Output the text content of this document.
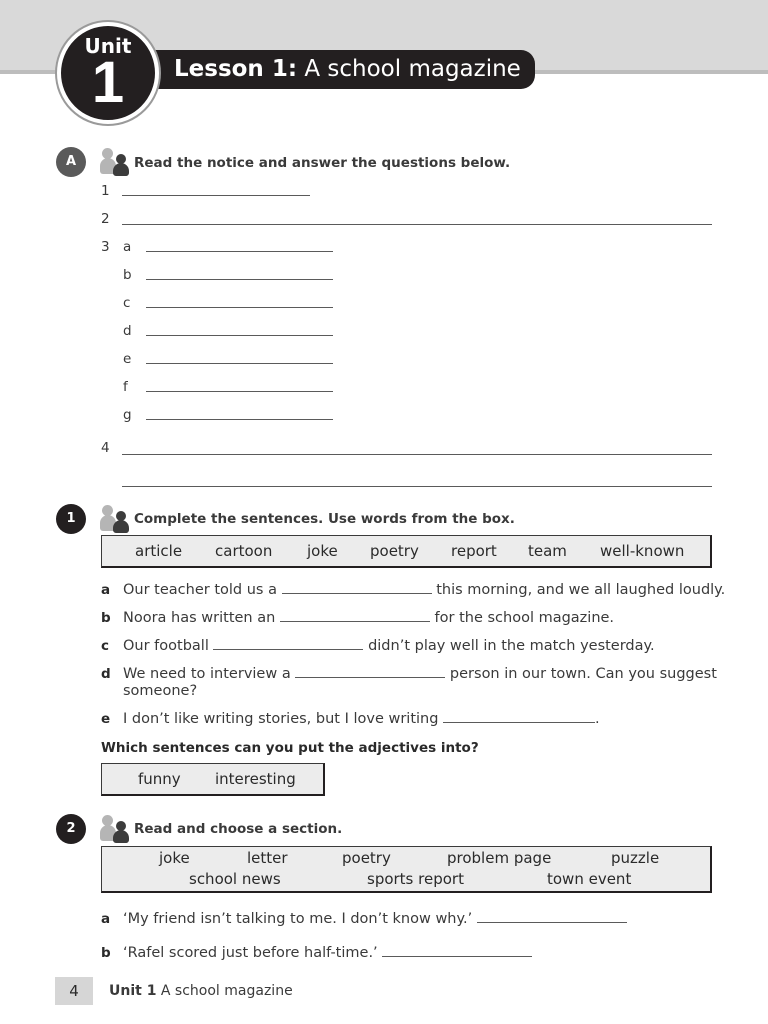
Lesson 1: A school magazine
Unit
1
A	Read the notice and answer the questions below.
1
2
3 a
b
c
d
e
f
g
4
1	Complete the sentences. Use words from the box.
article cartoon joke poetry report team well-known
a Our teacher told us a	this morning, and we all laughed loudly.
b Noora has written an	for the school magazine.
c Our football	didn’t play well in the match yesterday.
d We need to interview a	person in our town. Can you suggest
someone?
e I don’t like writing stories, but I love writing	.
Which sentences can you put the adjectives into?
funny interesting
2	Read and choose a section.
joke	letter	poetry	problem page	puzzle
school news	sports report	town event
a ‘My friend isn’t talking to me. I don’t know why.’
b ‘Rafel scored just before half-time.’
4	Unit 1 A school magazine
